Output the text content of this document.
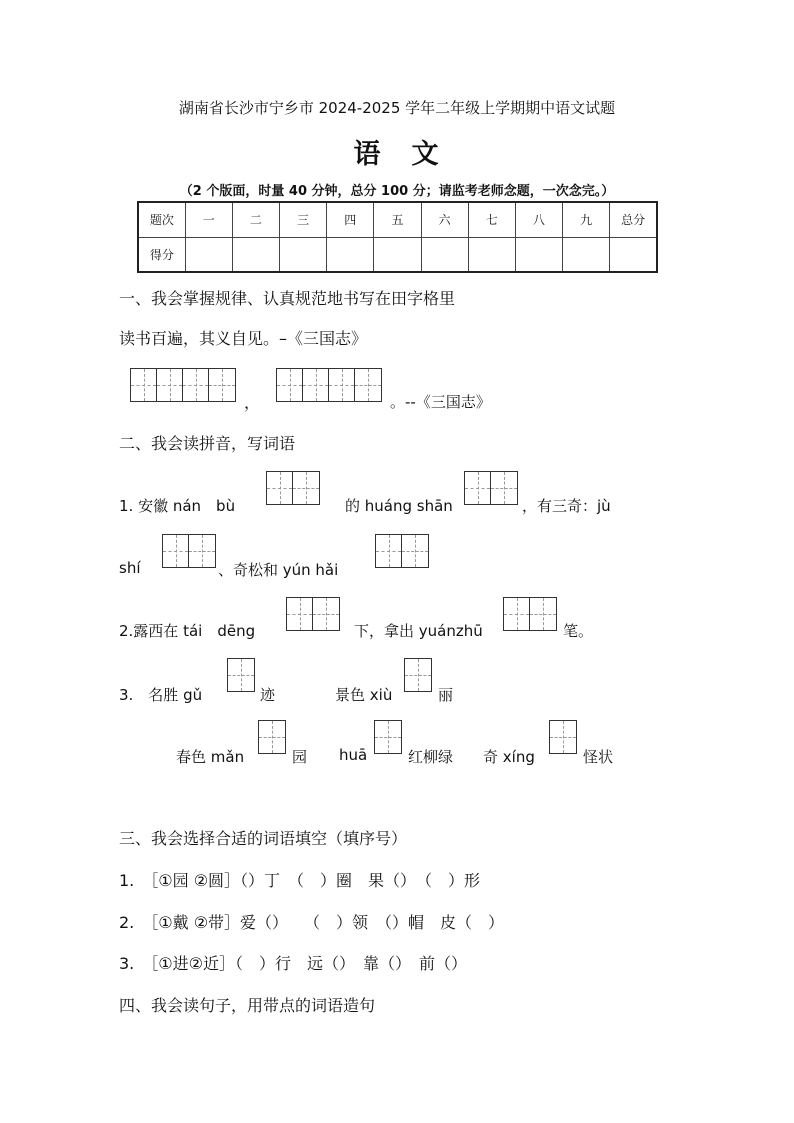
湖南省长沙市宁乡市 2024-2025 学年二年级上学期期中语文试题
语　文
（2 个版面，时量 40 分钟，总分 100 分；请监考老师念题，一次念完。）
题次	一	二	三	四	五	六	七	八	九	总分
得分										
一、我会掌握规律、认真规范地书写在田字格里
读书百遍，其义自见。–《三国志》
，	。--《三国志》
二、我会读拼音，写词语
1. 安徽 nán　bù	的 huáng shān	，有三奇：jù
shí	、奇松和 yún hǎi
2.露西在 tái　dēng	下，拿出 yuánzhū	笔。
3.　名胜 gǔ	迹	景色 xiù	丽
春色 mǎn	园 huā	红柳绿 奇 xíng	怪状
三、我会选择合适的词语填空（填序号）
1.　［①园 ②圆］（）丁　（　）圈　果（）　（　）形
2.　［①戴 ②带］爱（）　　（　）领　（）帽　皮（　）
3.　［①进②近］（　）行　远（）　靠（）　前（）
四、我会读句子，用带点的词语造句
